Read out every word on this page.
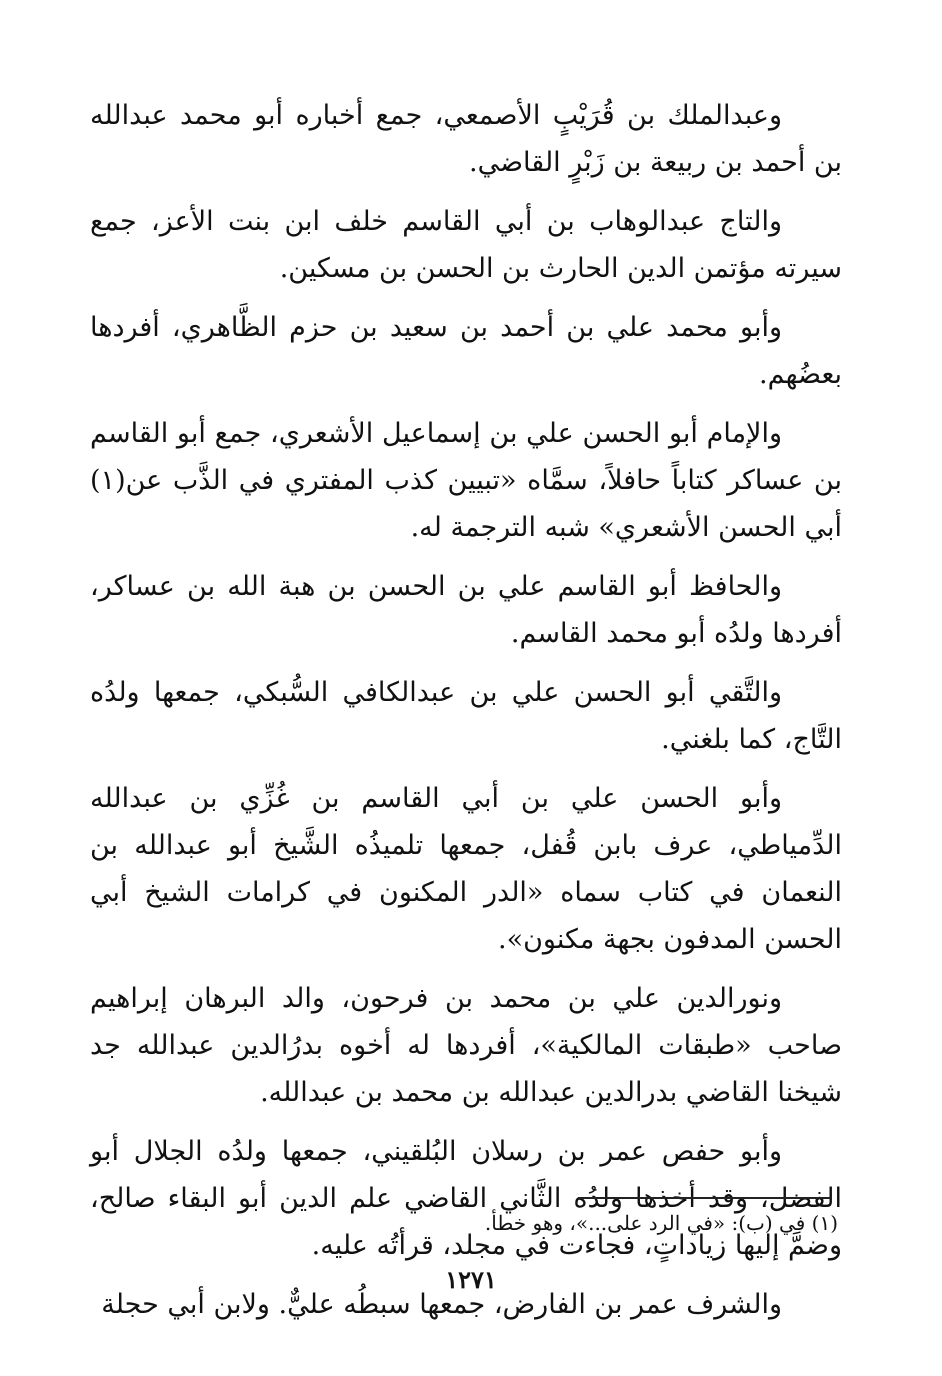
وعبدالملك بن قُرَيْبٍ الأصمعي، جمع أخباره أبو محمد عبدالله بن أحمد بن ربيعة بن زَبْرٍ القاضي.

والتاج عبدالوهاب بن أبي القاسم خلف ابن بنت الأعز، جمع سيرته مؤتمن الدين الحارث بن الحسن بن مسكين.

وأبو محمد علي بن أحمد بن سعيد بن حزم الظَّاهري، أفردها بعضُهم.

والإمام أبو الحسن علي بن إسماعيل الأشعري، جمع أبو القاسم بن عساكر كتاباً حافلاً، سمَّاه «تبيين كذب المفتري في الذَّب عن(١) أبي الحسن الأشعري» شبه الترجمة له.

والحافظ أبو القاسم علي بن الحسن بن هبة الله بن عساكر، أفردها ولدُه أبو محمد القاسم.

والتَّقي أبو الحسن علي بن عبدالكافي السُّبكي، جمعها ولدُه التَّاج، كما بلغني.

وأبو الحسن علي بن أبي القاسم بن غُزِّي بن عبدالله الدِّمياطي، عرف بابن قُفل، جمعها تلميذُه الشَّيخ أبو عبدالله بن النعمان في كتاب سماه «الدر المكنون في كرامات الشيخ أبي الحسن المدفون بجهة مكنون».

ونورالدين علي بن محمد بن فرحون، والد البرهان إبراهيم صاحب «طبقات المالكية»، أفردها له أخوه بدرُالدين عبدالله جد شيخنا القاضي بدرالدين عبدالله بن محمد بن عبدالله.

وأبو حفص عمر بن رسلان البُلقيني، جمعها ولدُه الجلال أبو الفضل، وقد أخذها ولدُه الثَّاني القاضي علم الدين أبو البقاء صالح، وضمَّ إليها زياداتٍ، فجاءت في مجلد، قرأتُه عليه.

والشرف عمر بن الفارض، جمعها سبطُه عليٌّ. ولابن أبي حجلة

(١) في (ب): «في الرد على...»، وهو خطأ.
١٢٧١
